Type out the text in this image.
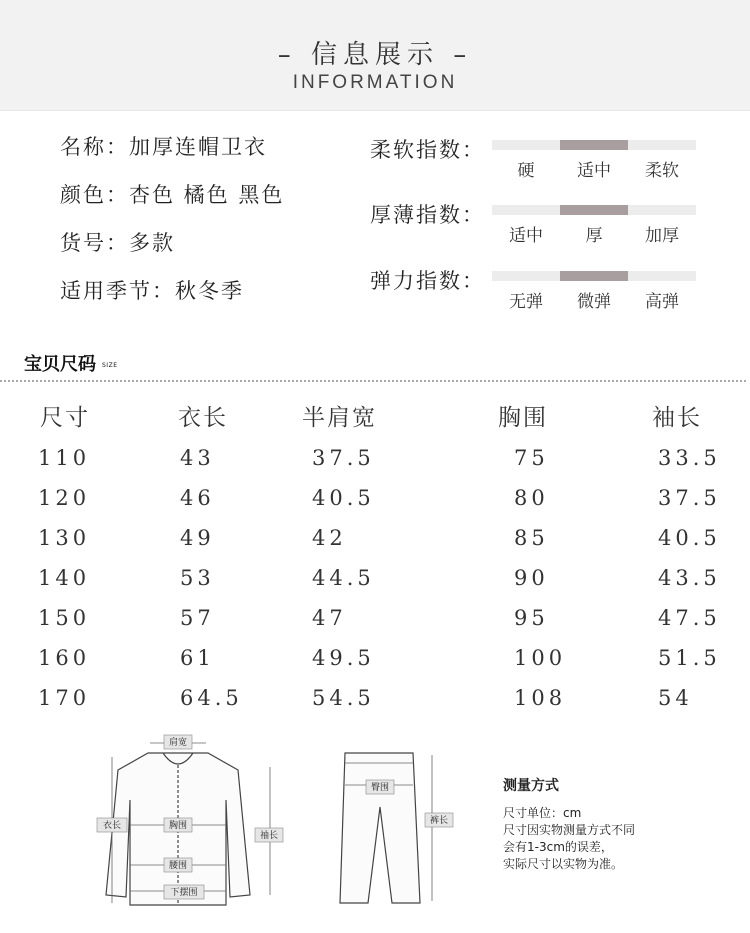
– 信息展示 –
INFORMATION
名称：加厚连帽卫衣
颜色：杏色 橘色 黑色
货号：多款
适用季节：秋冬季
柔软指数：
硬	适中	柔软
厚薄指数：
适中	厚	加厚
弹力指数：
无弹	微弹	高弹
宝贝尺码 SIZE
尺寸	衣长	半肩宽	胸围	袖长
110	43	37.5	75	33.5
120	46	40.5	80	37.5
130	49	42	85	40.5
140	53	44.5	90	43.5
150	57	47	95	47.5
160	61	49.5	100	51.5
170	64.5	54.5	108	54
肩宽
衣长	胸围
袖长
腰围
下摆围
臀围
裤长
测量方式
尺寸单位：cm
尺寸因实物测量方式不同
会有1-3cm的误差，
实际尺寸以实物为准。
